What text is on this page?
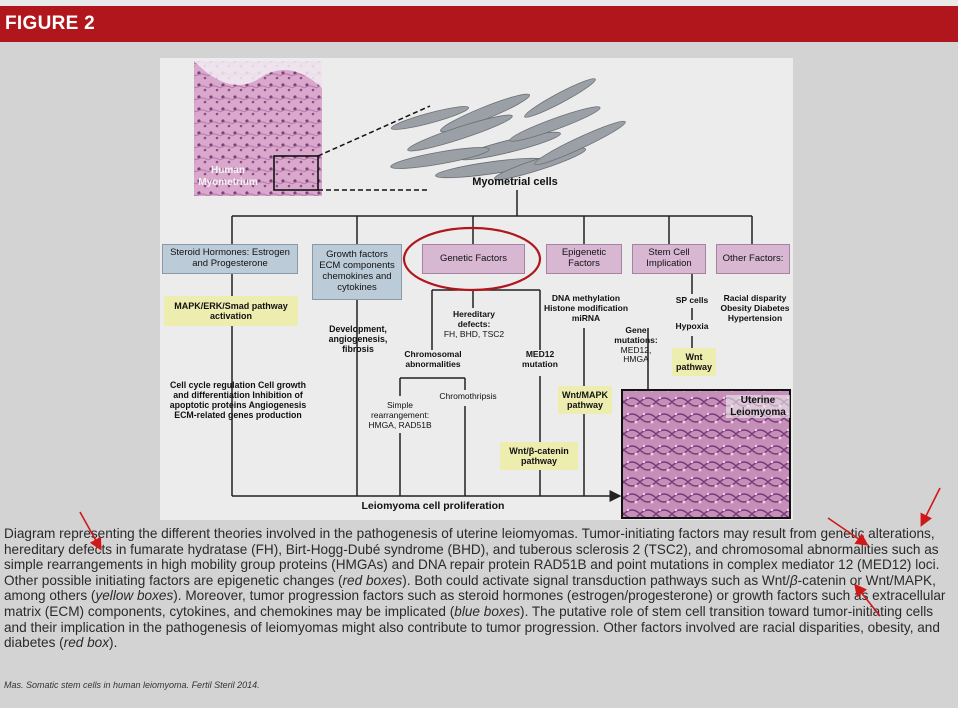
FIGURE 2
Human Myometrium	Myometrial cells
Steroid Hormones: Estrogen and Progesterone
Growth factors ECM components chemokines and cytokines
Genetic Factors	Epigenetic Factors
Stem Cell Implication	Other Factors:
MAPK/ERK/Smad pathway activation
Cell cycle regulation Cell growth and differentiation Inhibition of apoptotic proteins Angiogenesis ECM-related genes production
Development, angiogenesis, fibrosis
Hereditary defects:
FH, BHD, TSC2
Chromosomal abnormalities
MED12 mutation
Simple rearrangement:
HMGA, RAD51B
Chromothripsis
Wnt/β-catenin pathway
DNA methylation Histone modification miRNA
Gene mutations:
MED12, HMGA
Wnt/MAPK pathway
SP cells
Hypoxia
Wnt pathway
Racial disparity Obesity Diabetes Hypertension
Uterine Leiomyoma
Leiomyoma cell proliferation
Diagram representing the different theories involved in the pathogenesis of uterine leiomyomas. Tumor-initiating factors may result from genetic alterations, hereditary defects in fumarate hydratase (FH), Birt-Hogg-Dubé syndrome (BHD), and tuberous sclerosis 2 (TSC2), and chromosomal abnormalities such as simple rearrangements in high mobility group proteins (HMGAs) and DNA repair protein RAD51B and point mutations in complex mediator 12 (MED12) loci. Other possible initiating factors are epigenetic changes (red boxes). Both could activate signal transduction pathways such as Wnt/β-catenin or Wnt/MAPK, among others (yellow boxes). Moreover, tumor progression factors such as steroid hormones (estrogen/progesterone) or growth factors such as extracellular matrix (ECM) components, cytokines, and chemokines may be implicated (blue boxes). The putative role of stem cell transition toward tumor-initiating cells and their implication in the pathogenesis of leiomyomas might also contribute to tumor progression. Other factors involved are racial disparities, obesity, and diabetes (red box).
Mas. Somatic stem cells in human leiomyoma. Fertil Steril 2014.
